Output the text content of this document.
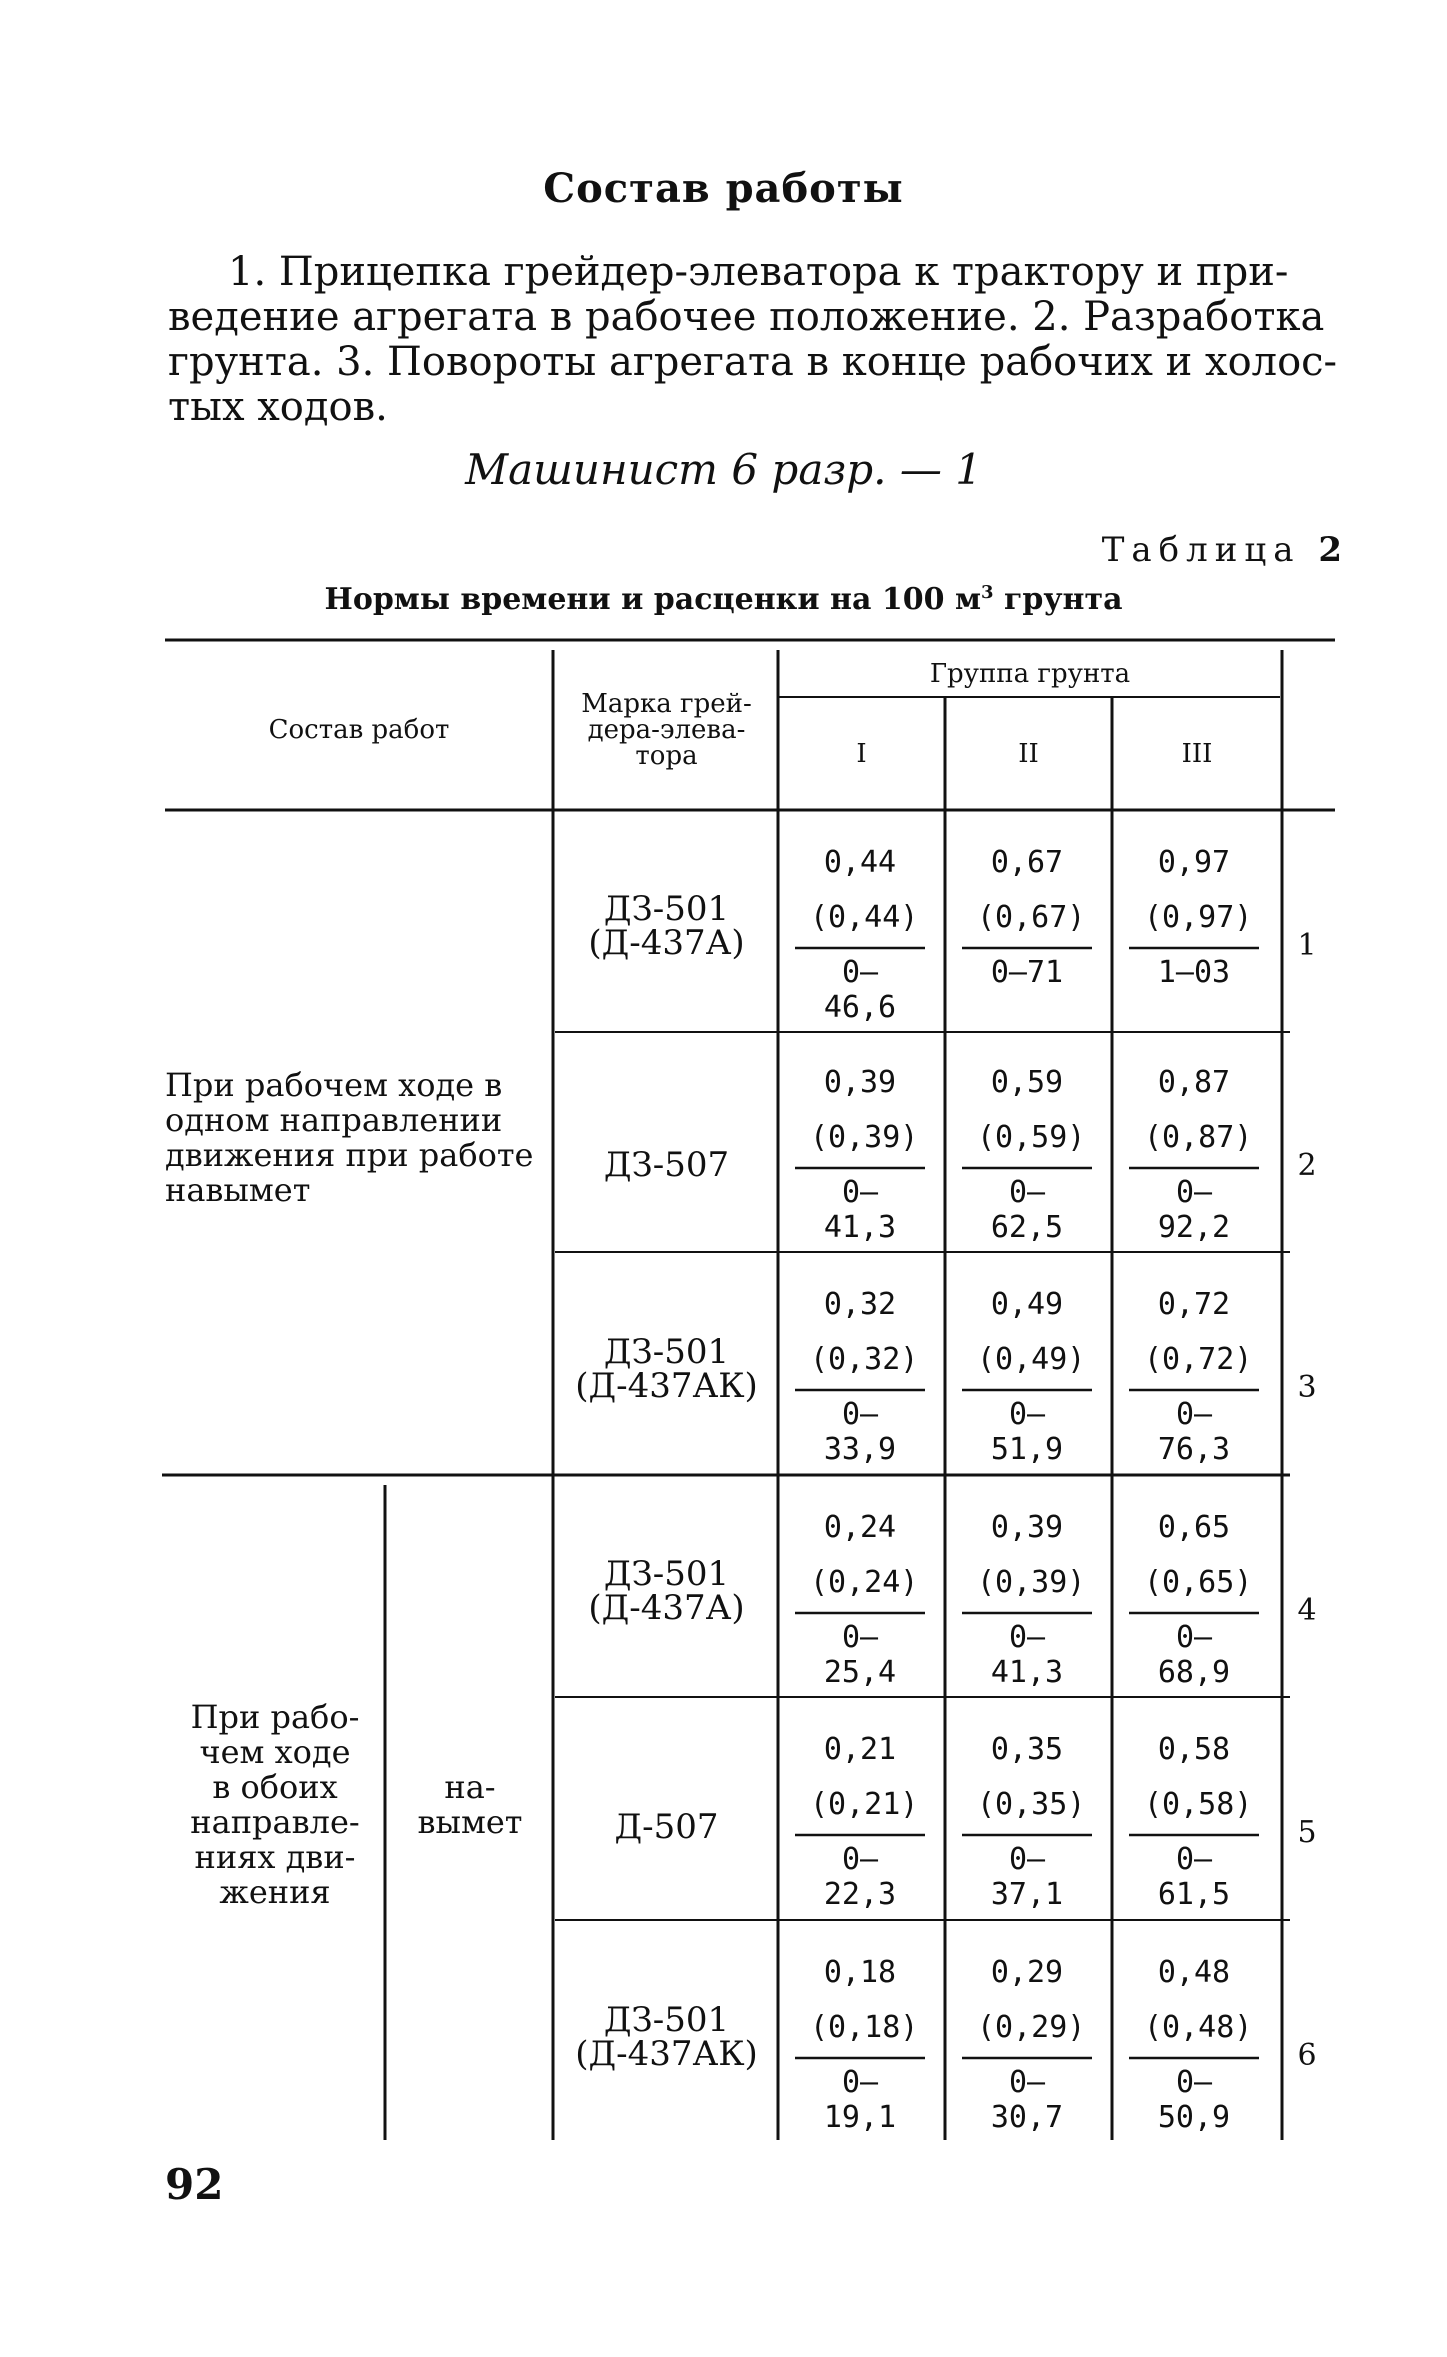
Состав работы
1. Прицепка грейдер-элеватора к трактору и при-
ведение агрегата в рабочее положение. 2. Разработка
грунта. 3. Повороты агрегата в конце рабочих и холос-
тых ходов.
Машинист 6 разр. — 1
Таблица 2
Нормы времени и расценки на 100 $м^3$ грунта
Состав работ
Марка грей-
дера-элева-
тора
Группа грунта
I	II	III
При рабочем ходе в
одном направлении
движения при работе
навымет
При рабо-
чем ходе
в обоих
направле-
ниях дви-
жения
на-
вымет
ДЗ-501
(Д-437А)
ДЗ-507
ДЗ-501
(Д-437АК)
ДЗ-501
(Д-437А)
Д-507
ДЗ-501
(Д-437АК)
1
2
3
4
5
6
0,44
(0,44)
0—46,6
0,67
(0,67)
0—71
0,97
(0,97)
1—03
0,39
(0,39)
0—41,3
0,59
(0,59)
0—62,5
0,87
(0,87)
0—92,2
0,32
(0,32)
0—33,9
0,49
(0,49)
0—51,9
0,72
(0,72)
0—76,3
0,24
(0,24)
0—25,4
0,39
(0,39)
0—41,3
0,65
(0,65)
0—68,9
0,21
(0,21)
0—22,3
0,35
(0,35)
0—37,1
0,58
(0,58)
0—61,5
0,18
(0,18)
0—19,1
0,29
(0,29)
0—30,7
0,48
(0,48)
0—50,9
92
